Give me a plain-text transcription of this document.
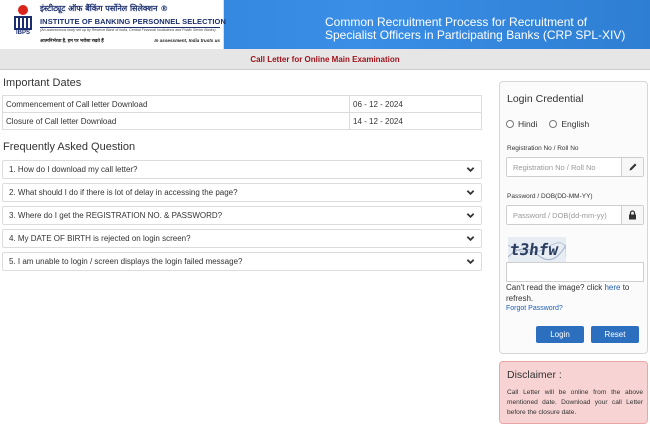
IBPS
इंस्टीट्यूट ऑफ बैंकिंग पर्सोनेल सिलेक्शन ®
INSTITUTE OF BANKING PERSONNEL SELECTION
(An autonomous body set up by Reserve Bank of India, Central Financial Institutions and Public Sector Banks)
आत्मनिर्भरता है, हम पर भरोसा रखते हैं	In assessment, India trusts us
Common Recruitment Process for Recruitment of Specialist Officers in Participating Banks (CRP SPL-XIV)
Call Letter for Online Main Examination
Important Dates
Commencement of Call letter Download	06 - 12 - 2024
Closure of Call letter Download	14 - 12 - 2024
Frequently Asked Question
1. How do I download my call letter?
2. What should I do if there is lot of delay in accessing the page?
3. Where do I get the REGISTRATION NO. & PASSWORD?
4. My DATE OF BIRTH is rejected on login screen?
5. I am unable to login / screen displays the login failed message?
Login Credential
Hindi	English
Registration No / Roll No
Registration No / Roll No
Password / DOB(DD-MM-YY)
t3hfw
Can't read the image? click here to refresh.
Forgot Password?
Login	Reset
Disclaimer :
Call Letter will be online from the above mentioned date. Download your call Letter before the closure date.
